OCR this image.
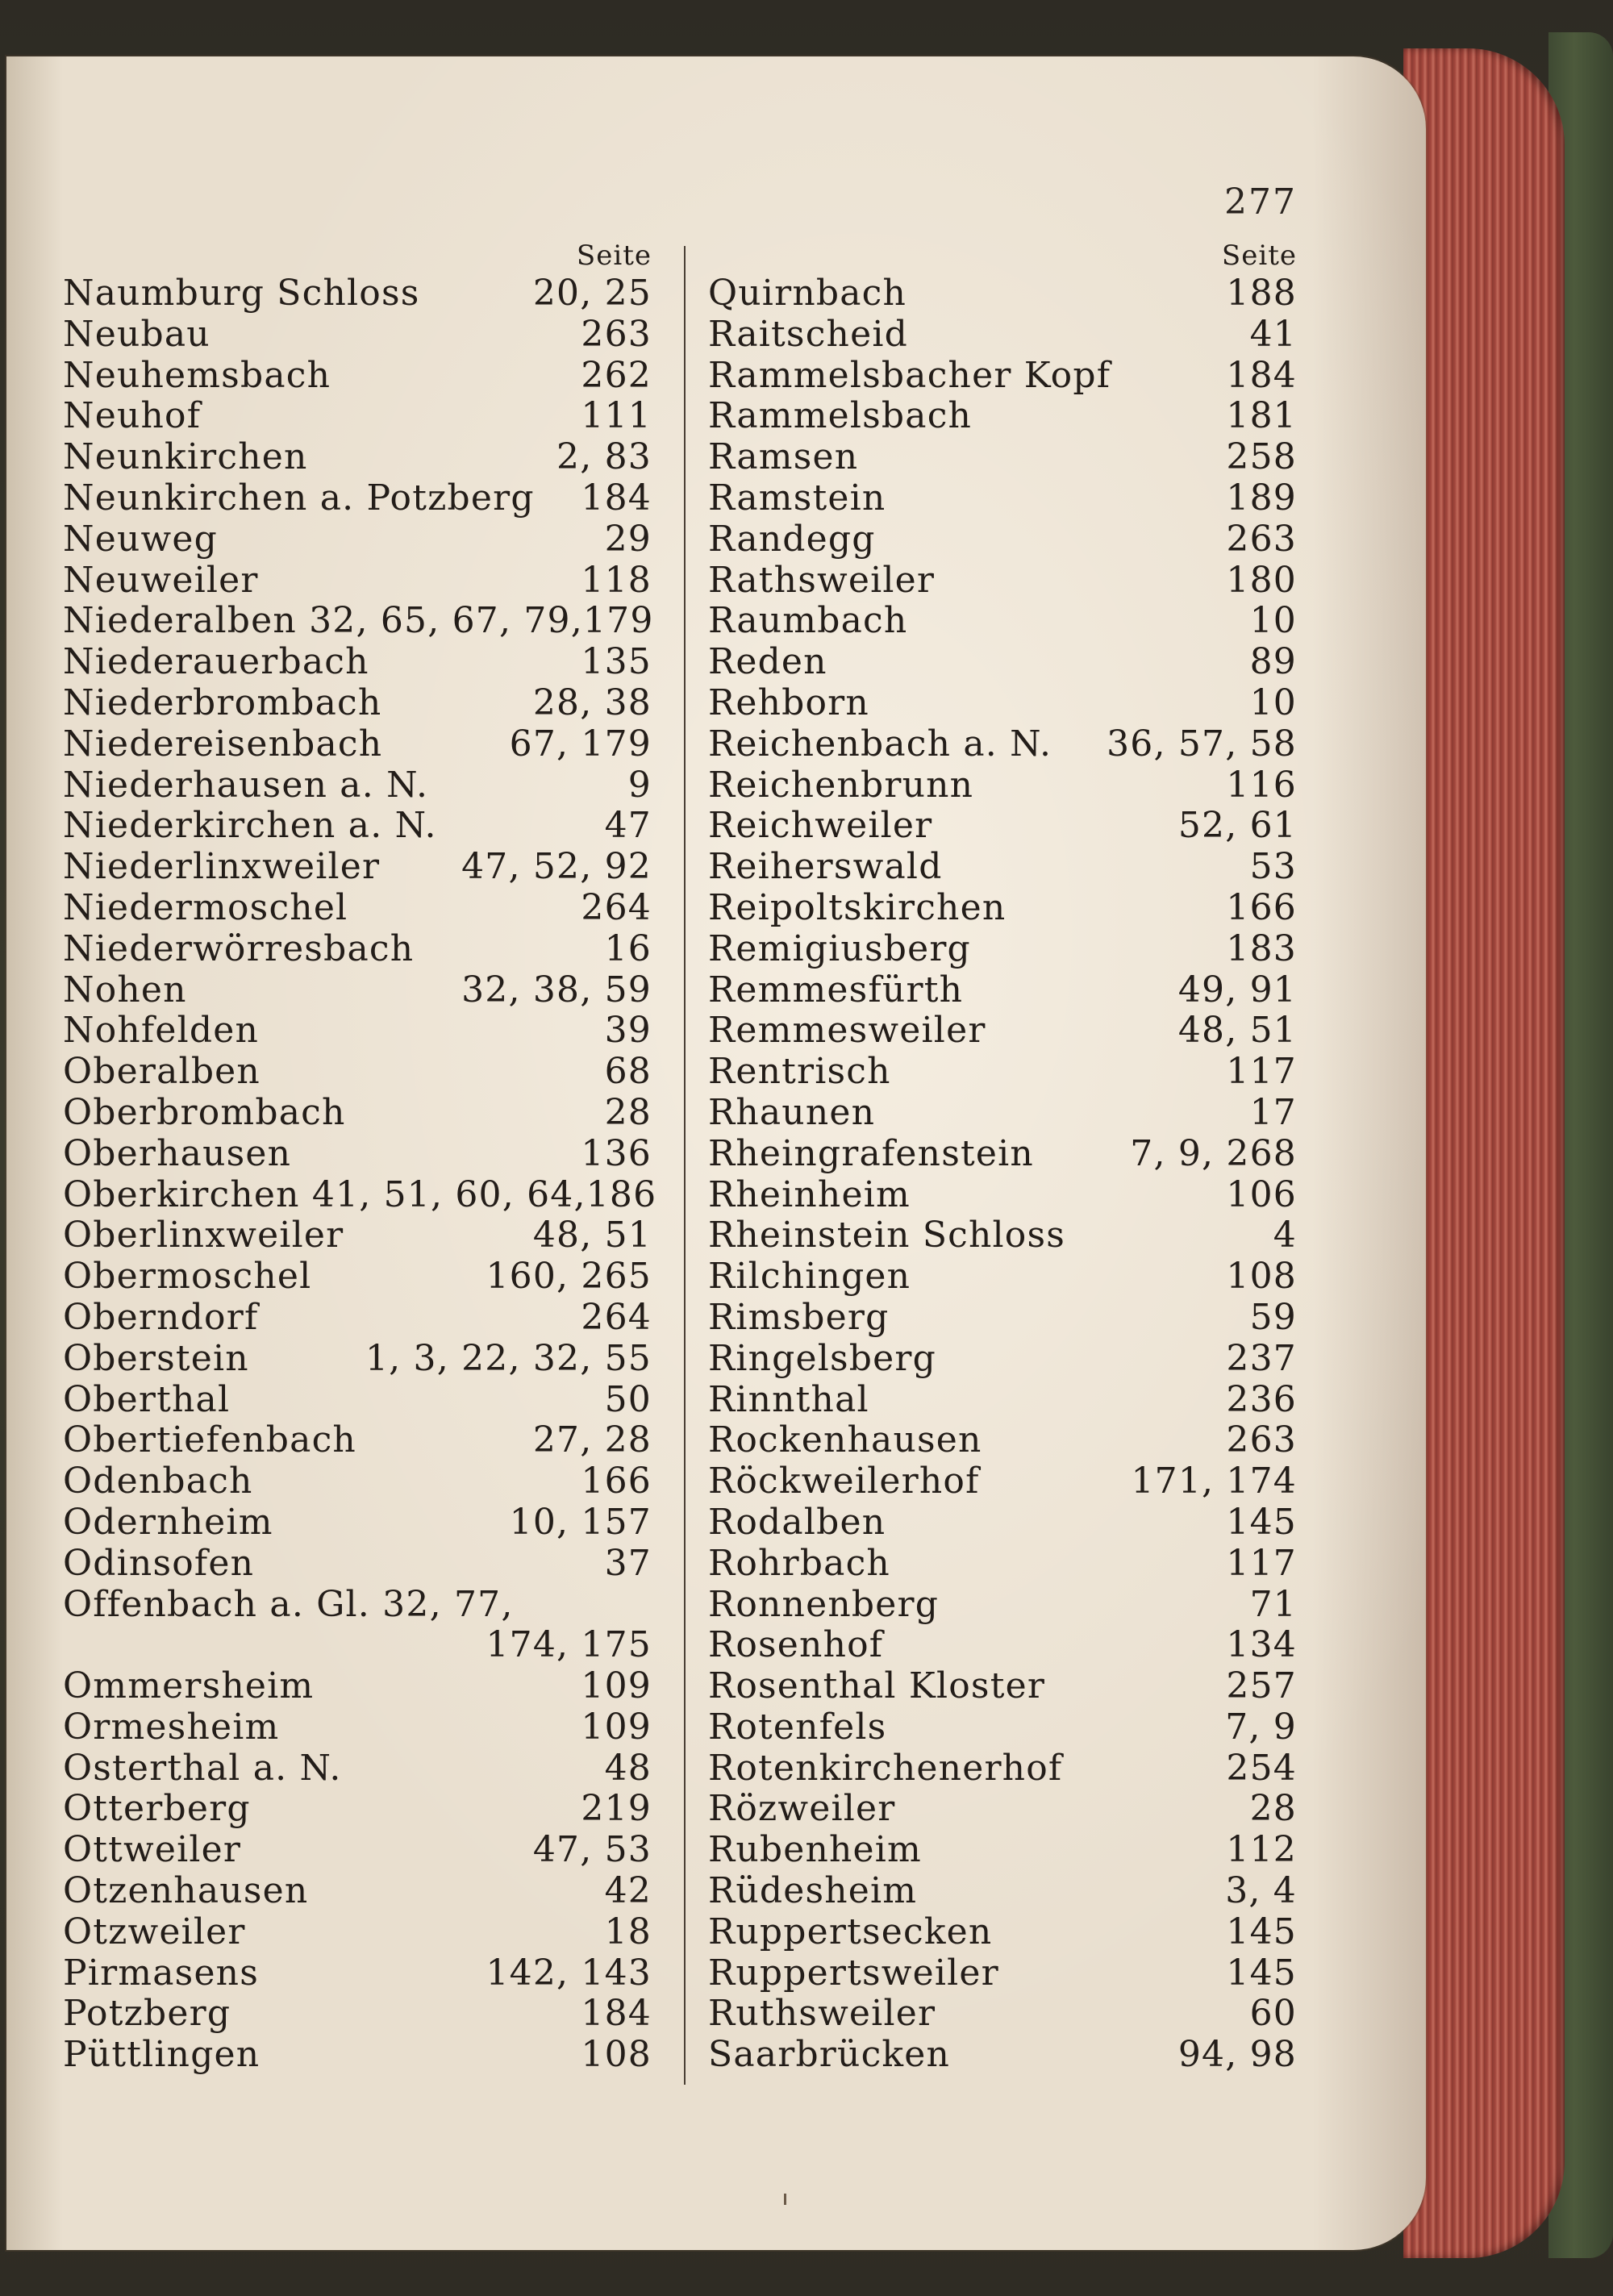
277
Seite
Naumburg Schloss	20, 25
Neubau	263
Neuhemsbach	262
Neuhof	111
Neunkirchen	2, 83
Neunkirchen a. Potzberg 184
Neuweg	29
Neuweiler	118
Niederalben 32, 65, 67, 79, 179
Niederauerbach	135
Niederbrombach	28, 38
Niedereisenbach	67, 179
Niederhausen a. N.	9
Niederkirchen a. N.	47
Niederlinxweiler 47, 52, 92
Niedermoschel	264
Niederwörresbach	16
Nohen	32, 38, 59
Nohfelden	39
Oberalben	68
Oberbrombach	28
Oberhausen	136
Oberkirchen 41, 51, 60, 64, 186
Oberlinxweiler	48, 51
Obermoschel	160, 265
Oberndorf	264
Oberstein	1, 3, 22, 32, 55
Oberthal	50
Obertiefenbach	27, 28
Odenbach	166
Odernheim	10, 157
Odinsofen	37
Offenbach a. Gl. 32, 77,
174, 175
Ommersheim	109
Ormesheim	109
Osterthal a. N.	48
Otterberg	219
Ottweiler	47, 53
Otzenhausen	42
Otzweiler	18
Pirmasens	142, 143
Potzberg	184
Püttlingen	108
Seite
Quirnbach	188
Raitscheid	41
Rammelsbacher Kopf	184
Rammelsbach	181
Ramsen	258
Ramstein	189
Randegg	263
Rathsweiler	180
Raumbach	10
Reden	89
Rehborn	10
Reichenbach a. N. 36, 57, 58
Reichenbrunn	116
Reichweiler	52, 61
Reiherswald	53
Reipoltskirchen	166
Remigiusberg	183
Remmesfürth	49, 91
Remmesweiler	48, 51
Rentrisch	117
Rhaunen	17
Rheingrafenstein	7, 9, 268
Rheinheim	106
Rheinstein Schloss	4
Rilchingen	108
Rimsberg	59
Ringelsberg	237
Rinnthal	236
Rockenhausen	263
Röckweilerhof	171, 174
Rodalben	145
Rohrbach	117
Ronnenberg	71
Rosenhof	134
Rosenthal Kloster	257
Rotenfels	7, 9
Rotenkirchenerhof	254
Rözweiler	28
Rubenheim	112
Rüdesheim	3, 4
Ruppertsecken	145
Ruppertsweiler	145
Ruthsweiler	60
Saarbrücken	94, 98
